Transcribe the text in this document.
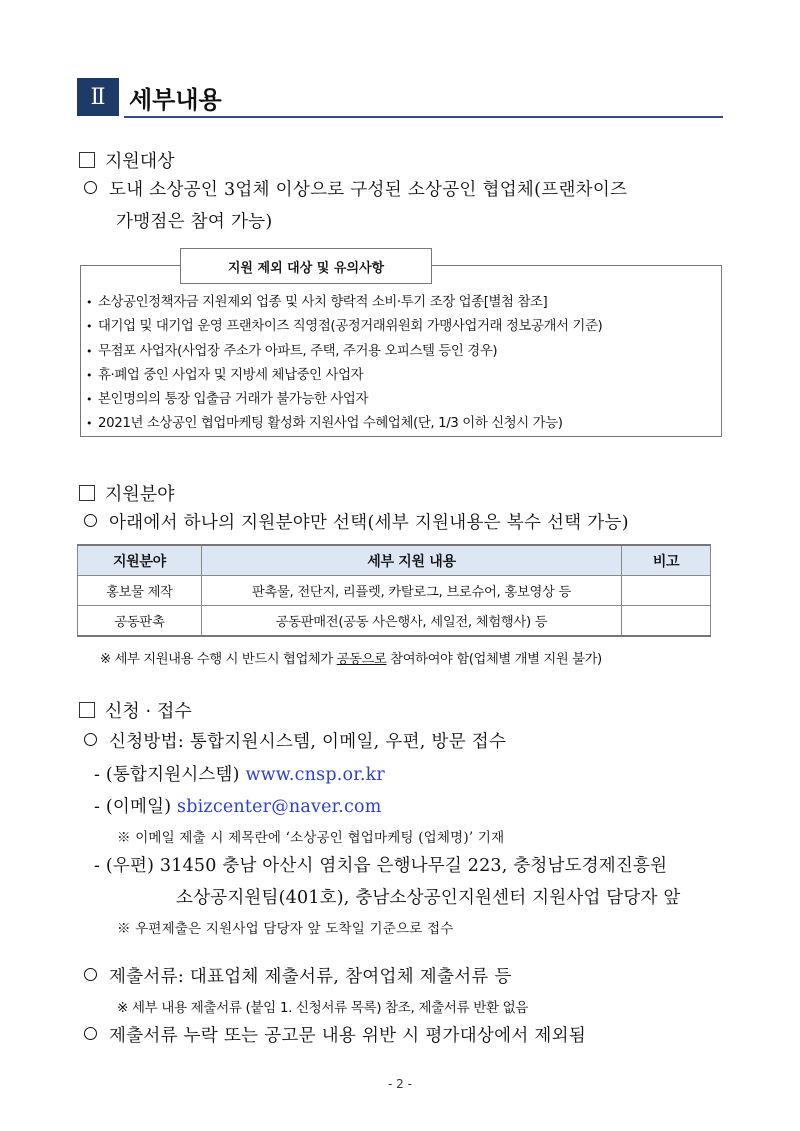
Ⅱ 세부내용
지원대상
도내 소상공인 3업체 이상으로 구성된 소상공인 협업체(프랜차이즈
가맹점은 참여 가능)
지원 제외 대상 및 유의사항
• 소상공인정책자금 지원제외 업종 및 사치 향락적 소비·투기 조장 업종[별첨 참조]
• 대기업 및 대기업 운영 프랜차이즈 직영점(공정거래위원회 가맹사업거래 정보공개서 기준)
• 무점포 사업자(사업장 주소가 아파트, 주택, 주거용 오피스텔 등인 경우)
• 휴·폐업 중인 사업자 및 지방세 체납중인 사업자
• 본인명의의 통장 입출금 거래가 불가능한 사업자
• 2021년 소상공인 협업마케팅 활성화 지원사업 수혜업체(단, 1/3 이하 신청시 가능)
지원분야
아래에서 하나의 지원분야만 선택(세부 지원내용은 복수 선택 가능)
지원분야	세부 지원 내용	비고
홍보물 제작	판촉물, 전단지, 리플렛, 카탈로그, 브로슈어, 홍보영상 등	
공동판촉	공동판매전(공동 사은행사, 세일전, 체험행사) 등	
※ 세부 지원내용 수행 시 반드시 협업체가 공동으로 참여하여야 함(업체별 개별 지원 불가)
신청 · 접수
신청방법: 통합지원시스템, 이메일, 우편, 방문 접수
- (통합지원시스템) www.cnsp.or.kr
- (이메일) sbizcenter@naver.com
※ 이메일 제출 시 제목란에 ‘소상공인 협업마케팅 (업체명)’ 기재
- (우편) 31450 충남 아산시 염치읍 은행나무길 223, 충청남도경제진흥원
소상공지원팀(401호), 충남소상공인지원센터 지원사업 담당자 앞
※ 우편제출은 지원사업 담당자 앞 도착일 기준으로 접수
제출서류: 대표업체 제출서류, 참여업체 제출서류 등
※ 세부 내용 제출서류 (붙임 1. 신청서류 목록) 참조, 제출서류 반환 없음
제출서류 누락 또는 공고문 내용 위반 시 평가대상에서 제외됨
- 2 -
